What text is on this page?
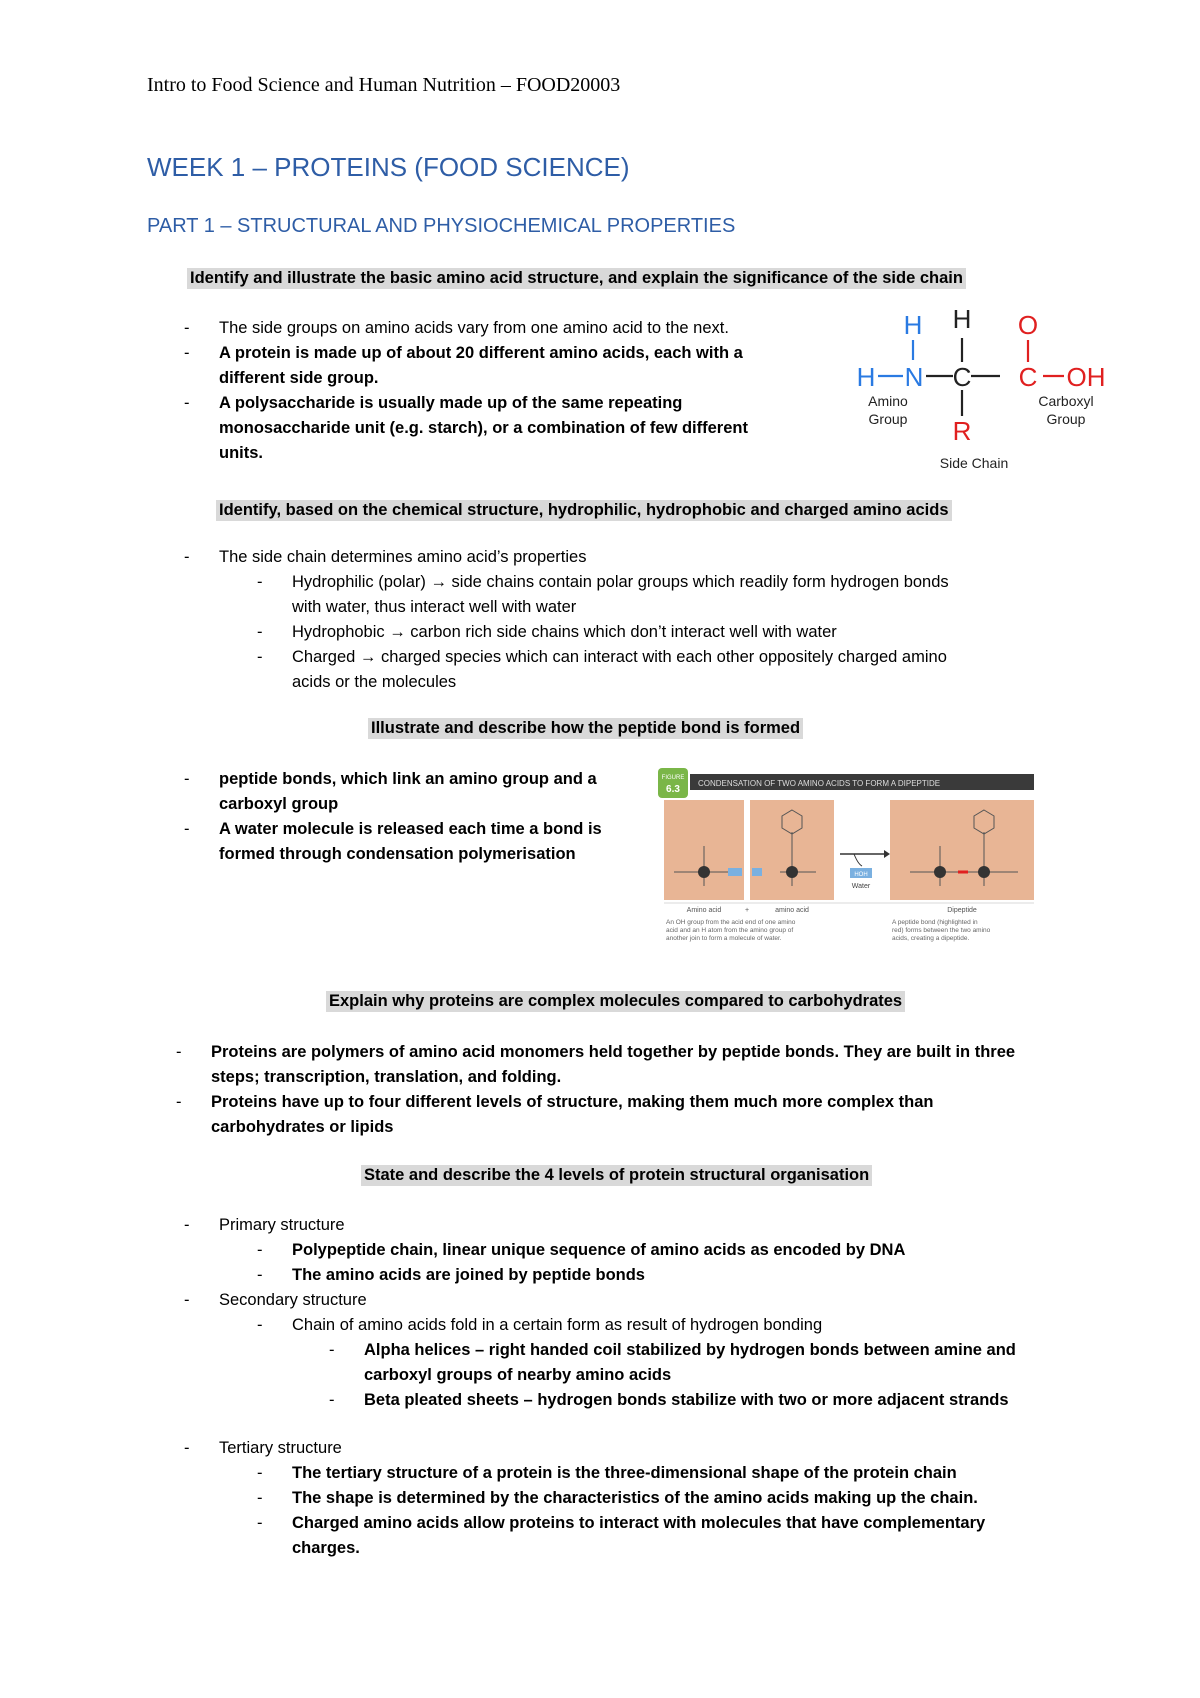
Intro to Food Science and Human Nutrition – FOOD20003
WEEK 1 – PROTEINS (FOOD SCIENCE)
PART 1 – STRUCTURAL AND PHYSIOCHEMICAL PROPERTIES
Identify and illustrate the basic amino acid structure, and explain the significance of the side chain
- The side groups on amino acids vary from one amino acid to the next.
- A protein is made up of about 20 different amino acids, each with a
different side group.
- A polysaccharide is usually made up of the same repeating
monosaccharide unit (e.g. starch), or a combination of few different
units.
H H O
H N C C OH
R
Amino
Group
Carboxyl
Group
Side Chain
Identify, based on the chemical structure, hydrophilic, hydrophobic and charged amino acids
- The side chain determines amino acid’s properties
- Hydrophilic (polar) → side chains contain polar groups which readily form hydrogen bonds
with water, thus interact well with water
- Hydrophobic → carbon rich side chains which don’t interact well with water
- Charged → charged species which can interact with each other oppositely charged amino
acids or the molecules
Illustrate and describe how the peptide bond is formed
- peptide bonds, which link an amino group and a
carboxyl group
- A water molecule is released each time a bond is
formed through condensation polymerisation
FIGURE
6.3
CONDENSATION OF TWO AMINO ACIDS TO FORM A DIPEPTIDE
HOH
Water
Amino acid	+	amino acid	Dipeptide
An OH group from the acid end of one amino
acid and an H atom from the amino group of
another join to form a molecule of water.
A peptide bond (highlighted in
red) forms between the two amino
acids, creating a dipeptide.
Explain why proteins are complex molecules compared to carbohydrates
- Proteins are polymers of amino acid monomers held together by peptide bonds. They are built in three
steps; transcription, translation, and folding.
- Proteins have up to four different levels of structure, making them much more complex than
carbohydrates or lipids
State and describe the 4 levels of protein structural organisation
- Primary structure
- Polypeptide chain, linear unique sequence of amino acids as encoded by DNA
- The amino acids are joined by peptide bonds
- Secondary structure
- Chain of amino acids fold in a certain form as result of hydrogen bonding
- Alpha helices – right handed coil stabilized by hydrogen bonds between amine and
carboxyl groups of nearby amino acids
- Beta pleated sheets – hydrogen bonds stabilize with two or more adjacent strands
- Tertiary structure
- The tertiary structure of a protein is the three-dimensional shape of the protein chain
- The shape is determined by the characteristics of the amino acids making up the chain.
- Charged amino acids allow proteins to interact with molecules that have complementary
charges.
